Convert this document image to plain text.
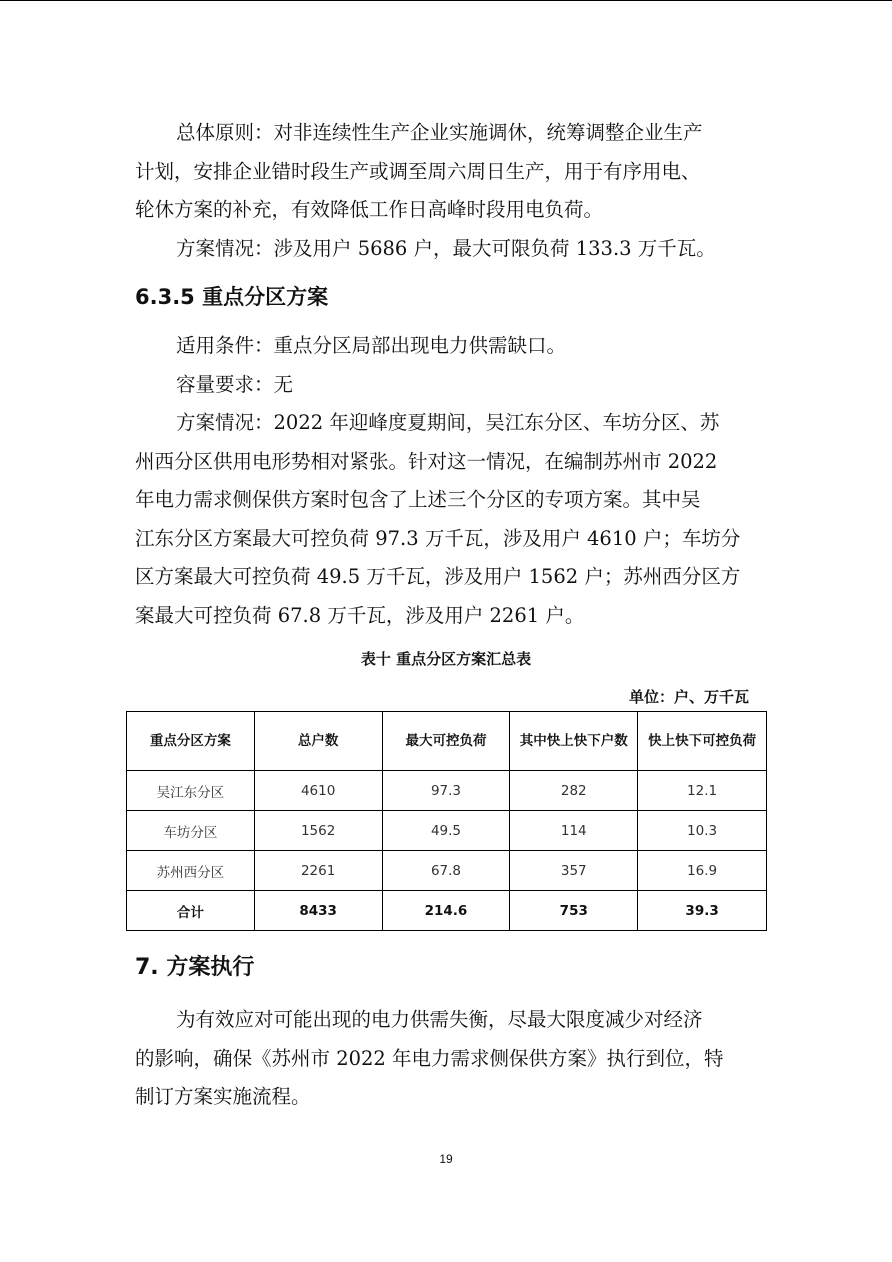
总体原则：对非连续性生产企业实施调休，统筹调整企业生产
计划，安排企业错时段生产或调至周六周日生产，用于有序用电、
轮休方案的补充，有效降低工作日高峰时段用电负荷。

方案情况：涉及用户 5686 户，最大可限负荷 133.3 万千瓦。

6.3.5 重点分区方案

适用条件：重点分区局部出现电力供需缺口。

容量要求：无

方案情况：2022 年迎峰度夏期间，吴江东分区、车坊分区、苏
州西分区供用电形势相对紧张。针对这一情况，在编制苏州市 2022
年电力需求侧保供方案时包含了上述三个分区的专项方案。其中吴
江东分区方案最大可控负荷 97.3 万千瓦，涉及用户 4610 户；车坊分
区方案最大可控负荷 49.5 万千瓦，涉及用户 1562 户；苏州西分区方
案最大可控负荷 67.8 万千瓦，涉及用户 2261 户。

表十 重点分区方案汇总表
单位：户、万千瓦
重点分区方案	总户数	最大可控负荷	其中快上快下户数	快上快下可控负荷
吴江东分区	4610	97.3	282	12.1
车坊分区	1562	49.5	114	10.3
苏州西分区	2261	67.8	357	16.9
合计	8433	214.6	753	39.3
7. 方案执行

为有效应对可能出现的电力供需失衡，尽最大限度减少对经济
的影响，确保《苏州市 2022 年电力需求侧保供方案》执行到位，特
制订方案实施流程。

19
